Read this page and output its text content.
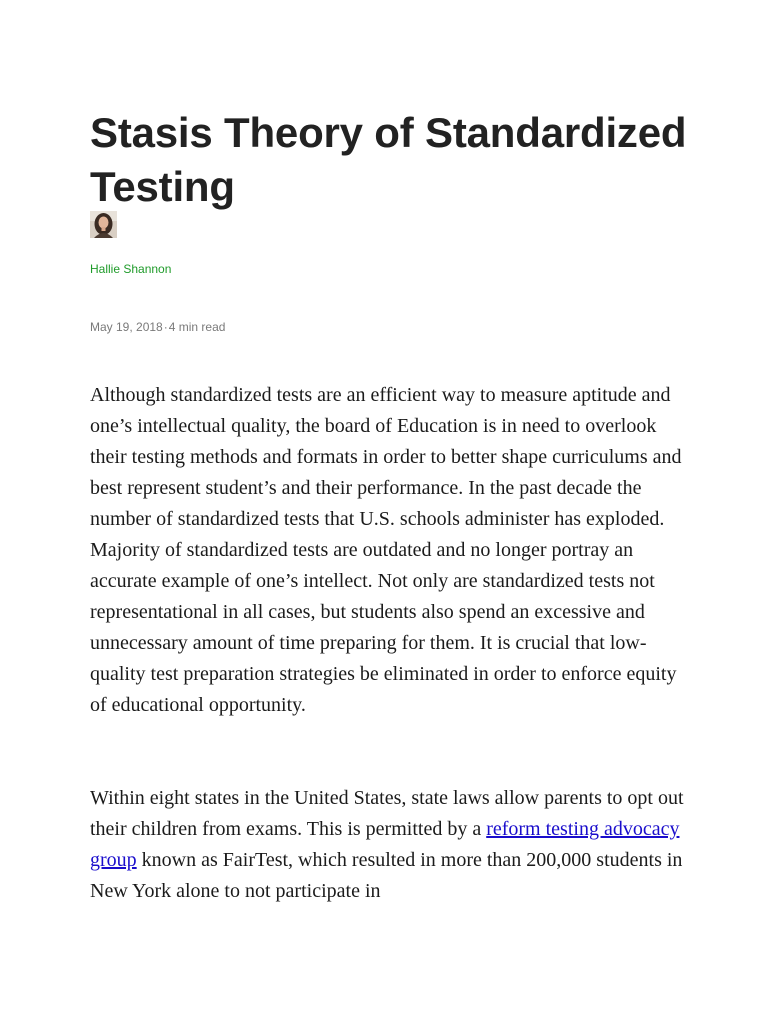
Stasis Theory of Standardized Testing
Hallie Shannon
May 19, 2018·4 min read

Although standardized tests are an efficient way to measure aptitude and one’s intellectual quality, the board of Education is in need to overlook their testing methods and formats in order to better shape curriculums and best represent student’s and their performance. In the past decade the number of standardized tests that U.S. schools administer has exploded. Majority of standardized tests are outdated and no longer portray an accurate example of one’s intellect. Not only are standardized tests not representational in all cases, but students also spend an excessive and unnecessary amount of time preparing for them. It is crucial that low-quality test preparation strategies be eliminated in order to enforce equity of educational opportunity.

Within eight states in the United States, state laws allow parents to opt out their children from exams. This is permitted by a reform testing advocacy group known as FairTest, which resulted in more than 200,000 students in New York alone to not participate in
